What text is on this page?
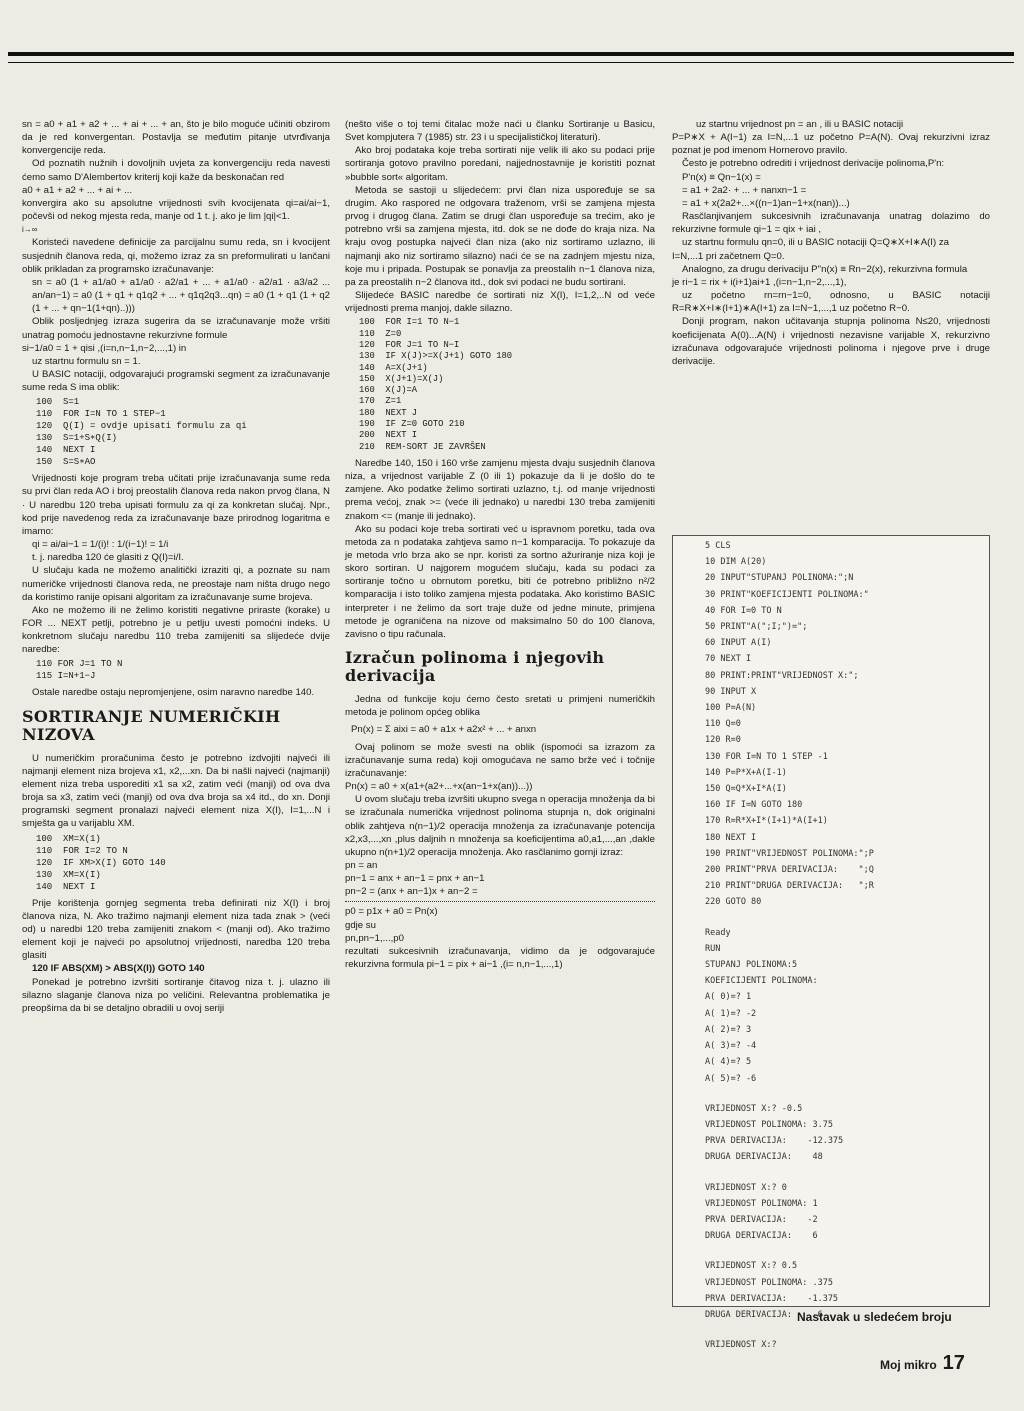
sn = a0 + a1 + a2 + ... + ai + ... + an, što je bilo moguće učiniti obzirom da je red konvergentan. Postavlja se međutim pitanje utvrđivanja konvergencije reda.

Od poznatih nužnih i dovoljnih uvjeta za konvergenciju reda navesti ćemo samo D'Alembertov kriterij koji kaže da beskonačan red

a0 + a1 + a2 + ... + ai + ...

konvergira ako su apsolutne vrijednosti svih kvocijenata qi=ai/ai−1, počevši od nekog mjesta reda, manje od 1 t. j. ako je lim |qi|<1.

i→∞

Koristeći navedene definicije za parcijalnu sumu reda, sn i kvocijent susjednih članova reda, qi, možemo izraz za sn preformulirati u lančani oblik prikladan za programsko izračunavanje:

sn = a0 (1 + a1/a0 + a1/a0 · a2/a1 + ... + a1/a0 · a2/a1 · a3/a2 ... an/an−1) = a0 (1 + q1 + q1q2 + ... + q1q2q3...qn) = a0 (1 + q1 (1 + q2 (1 + ... + qn−1(1+qn)..)))

Oblik posljednjeg izraza sugerira da se izračunavanje može vršiti unatrag pomoću jednostavne rekurzivne formule

si−1/a0 = 1 + qisi ,(i=n,n−1,n−2,...,1) in

uz startnu formulu sn = 1.

U BASIC notaciji, odgovarajući programski segment za izračunavanje sume reda S ima oblik:

100  S=1
110  FOR I=N TO 1 STEP−1
120  Q(I) = ovdje upisati formulu za qi
130  S=1+S∗Q(I)
140  NEXT I
150  S=S∗AO

Vrijednosti koje program treba učitati prije izračunavanja sume reda su prvi član reda AO i broj preostalih članova reda nakon prvog člana, N · U naredbu 120 treba upisati formulu za qi za konkretan slučaj. Npr., kod prije navedenog reda za izračunavanje baze prirodnog logaritma e imamo:

qi = ai/ai−1 = 1/(i)! : 1/(i−1)! = 1/i

t. j. naredba 120 će glasiti z Q(I)=i/I.

U slučaju kada ne možemo analitički izraziti qi, a poznate su nam numeričke vrijednosti članova reda, ne preostaje nam ništa drugo nego da koristimo ranije opisani algoritam za izračunavanje sume brojeva.

Ako ne možemo ili ne želimo koristiti negativne priraste (korake) u FOR ... NEXT petlji, potrebno je u petlju uvesti pomoćni indeks. U konkretnom slučaju naredbu 110 treba zamijeniti sa slijedeće dvije naredbe:

110 FOR J=1 TO N
115 I=N+1−J

Ostale naredbe ostaju nepromjenjene, osim naravno naredbe 140.

SORTIRANJE NUMERIČKIH NIZOVA

U numeričkim proračunima često je potrebno izdvojiti najveći ili najmanji element niza brojeva x1, x2,...xn. Da bi našli najveći (najmanji) element niza treba usporediti x1 sa x2, zatim veći (manji) od ova dva broja sa x3, zatim veći (manji) od ova dva broja sa x4 itd., do xn. Donji programski segment pronalazi najveći element niza X(I), I=1,...N i smješta ga u varijablu XM.

100  XM=X(1)
110  FOR I=2 TO N
120  IF XM>X(I) GOTO 140
130  XM=X(I)
140  NEXT I

Prije korištenja gornjeg segmenta treba definirati niz X(I) i broj članova niza, N. Ako tražimo najmanji element niza tada znak > (veći od) u naredbi 120 treba zamijeniti znakom < (manji od). Ako tražimo element koji je najveći po apsolutnoj vrijednosti, naredba 120 treba glasiti

120 IF ABS(XM) > ABS(X(I)) GOTO 140

Ponekad je potrebno izvršiti sortiranje čitavog niza t. j. ulazno ili silazno slaganje članova niza po veličini. Relevantna problematika je preopširna da bi se detaljno obradili u ovoj seriji

(nešto više o toj temi čitalac može naći u članku Sortiranje u Basicu, Svet kompjutera 7 (1985) str. 23 i u specijalističkoj literaturi).

Ako broj podataka koje treba sortirati nije velik ili ako su podaci prije sortiranja gotovo pravilno poredani, najjednostavnije je koristiti poznat »bubble sort« algoritam.

Metoda se sastoji u slijedećem: prvi član niza uspoređuje se sa drugim. Ako raspored ne odgovara traženom, vrši se zamjena mjesta prvog i drugog člana. Zatim se drugi član uspoređuje sa trećim, ako je potrebno vrši sa zamjena mjesta, itd. dok se ne dođe do kraja niza. Na kraju ovog postupka najveći član niza (ako niz sortiramo uzlazno, ili najmanji ako niz sortiramo silazno) naći će se na zadnjem mjestu niza, koje mu i pripada. Postupak se ponavlja za preostalih n−1 članova niza, pa za preostalih n−2 članova itd., dok svi podaci ne budu sortirani.

Slijedeće BASIC naredbe će sortirati niz X(I), I=1,2,..N od veće vrijednosti prema manjoj, dakle silazno.

100  FOR I=1 TO N−1
110  Z=0
120  FOR J=1 TO N−I
130  IF X(J)>=X(J+1) GOTO 180
140  A=X(J+1)
150  X(J+1)=X(J)
160  X(J)=A
170  Z=1
180  NEXT J
190  IF Z=0 GOTO 210
200  NEXT I
210  REM-SORT JE ZAVRŠEN

Naredbe 140, 150 i 160 vrše zamjenu mjesta dvaju susjednih članova niza, a vrijednost varijable Z (0 ili 1) pokazuje da li je došlo do te zamjene. Ako podatke želimo sortirati uzlazno, t.j. od manje vrijednosti prema većoj, znak >= (veće ili jednako) u naredbi 130 treba zamijeniti znakom <= (manje ili jednako).

Ako su podaci koje treba sortirati već u ispravnom poretku, tada ova metoda za n podataka zahtjeva samo n−1 komparacija. To pokazuje da je metoda vrlo brza ako se npr. koristi za sortno ažuriranje niza koji je skoro sortiran. U najgorem mogućem slučaju, kada su podaci za sortiranje točno u obrnutom poretku, biti će potrebno približno n²/2 komparacija i isto toliko zamjena mjesta podataka. Ako koristimo BASIC interpreter i ne želimo da sort traje duže od jedne minute, primjena metode je ograničena na nizove od maksimalno 50 do 100 članova, zavisno o tipu računala.

Izračun polinoma i njegovih derivacija

Jedna od funkcije koju ćemo često sretati u primjeni numeričkih metoda je polinom općeg oblika

Pn(x) = Σ aixi = a0 + a1x + a2x² + ... + anxn

Ovaj polinom se može svesti na oblik (ispomoći sa izrazom za izračunavanje suma reda) koji omogućava ne samo brže već i točnije izračunavanje:

Pn(x) = a0 + x(a1+(a2+...+x(an−1+x(an))...))

U ovom slučaju treba izvršiti ukupno svega n operacija množenja da bi se izračunala numerička vrijednost polinoma stupnja n, dok originalni oblik zahtjeva n(n−1)/2 operacija množenja za izračunavanje potencija x2,x3,...,xn ,plus daljnih n množenja sa koeficijentima a0,a1,...,an ,dakle ukupno n(n+1)/2 operacija množenja. Ako rasčlanimo gornji izraz:

pn = an

pn−1 = anx + an−1 = pnx + an−1

pn−2 = (anx + an−1)x + an−2 =

p0 = p1x + a0 = Pn(x)

gdje su

pn,pn−1,...,p0

rezultati sukcesivnih izračunavanja, vidimo da je odgovarajuće rekurzivna formula pi−1 = pix + ai−1 ,(i= n,n−1,...,1)

uz startnu vrijednost pn = an , ili u BASIC notaciji

P=P∗X + A(I−1) za I=N,...1 uz početno P=A(N). Ovaj rekurzivni izraz poznat je pod imenom Hornerovo pravilo.

Često je potrebno odrediti i vrijednost derivacije polinoma,P'n:

P'n(x) ≡ Qn−1(x) =

= a1 + 2a2· + ... + nanxn−1 =

= a1 + x(2a2+...×((n−1)an−1+x(nan))...)

Rasčlanjivanjem sukcesivnih izračunavanja unatrag dolazimo do rekurzivne formule qi−1 = qix + iai ,

uz startnu formulu qn=0, ili u BASIC notaciji Q=Q∗X+I∗A(I) za

I=N,...1 pri začetnem Q=0.

Analogno, za drugu derivaciju P''n(x) ≡ Rn−2(x), rekurzivna formula

je ri−1 = rix + i(i+1)ai+1 ,(i=n−1,n−2,...,1),

uz početno rn=rn−1=0, odnosno, u BASIC notaciji R=R∗X+I∗(I+1)∗A(I+1) za I=N−1,...,1 uz početno R−0.

Donji program, nakon učitavanja stupnja polinoma N≤20, vrijednosti koeficijenata A(0)...A(N) i vrijednosti nezavisne varijable X, rekurzivno izračunava odgovarajuće vrijednosti polinoma i njegove prve i druge derivacije.

5 CLS
10 DIM A(20)
20 INPUT"STUPANJ POLINOMA:";N
30 PRINT"KOEFICIJENTI POLINOMA:"
40 FOR I=0 TO N
50 PRINT"A(";I;")=";
60 INPUT A(I)
70 NEXT I
80 PRINT:PRINT"VRIJEDNOST X:";
90 INPUT X
100 P=A(N)
110 Q=0
120 R=0
130 FOR I=N TO 1 STEP -1
140 P=P*X+A(I-1)
150 Q=Q*X+I*A(I)
160 IF I=N GOTO 180
170 R=R*X+I*(I+1)*A(I+1)
180 NEXT I
190 PRINT"VRIJEDNOST POLINOMA:";P
200 PRINT"PRVA DERIVACIJA:    ";Q
210 PRINT"DRUGA DERIVACIJA:   ";R
220 GOTO 80
Ready
RUN
STUPANJ POLINOMA:5
KOEFICIJENTI POLINOMA:
A( 0)=? 1
A( 1)=? -2
A( 2)=? 3
A( 3)=? -4
A( 4)=? 5
A( 5)=? -6
VRIJEDNOST X:? -0.5
VRIJEDNOST POLINOMA: 3.75
PRVA DERIVACIJA:    -12.375
DRUGA DERIVACIJA:    48
VRIJEDNOST X:? 0
VRIJEDNOST POLINOMA: 1
PRVA DERIVACIJA:    -2
DRUGA DERIVACIJA:    6
VRIJEDNOST X:? 0.5
VRIJEDNOST POLINOMA: .375
PRVA DERIVACIJA:    -1.375
DRUGA DERIVACIJA:    -6
VRIJEDNOST X:?
Nastavak u sledećem broju
Moj mikro 17
